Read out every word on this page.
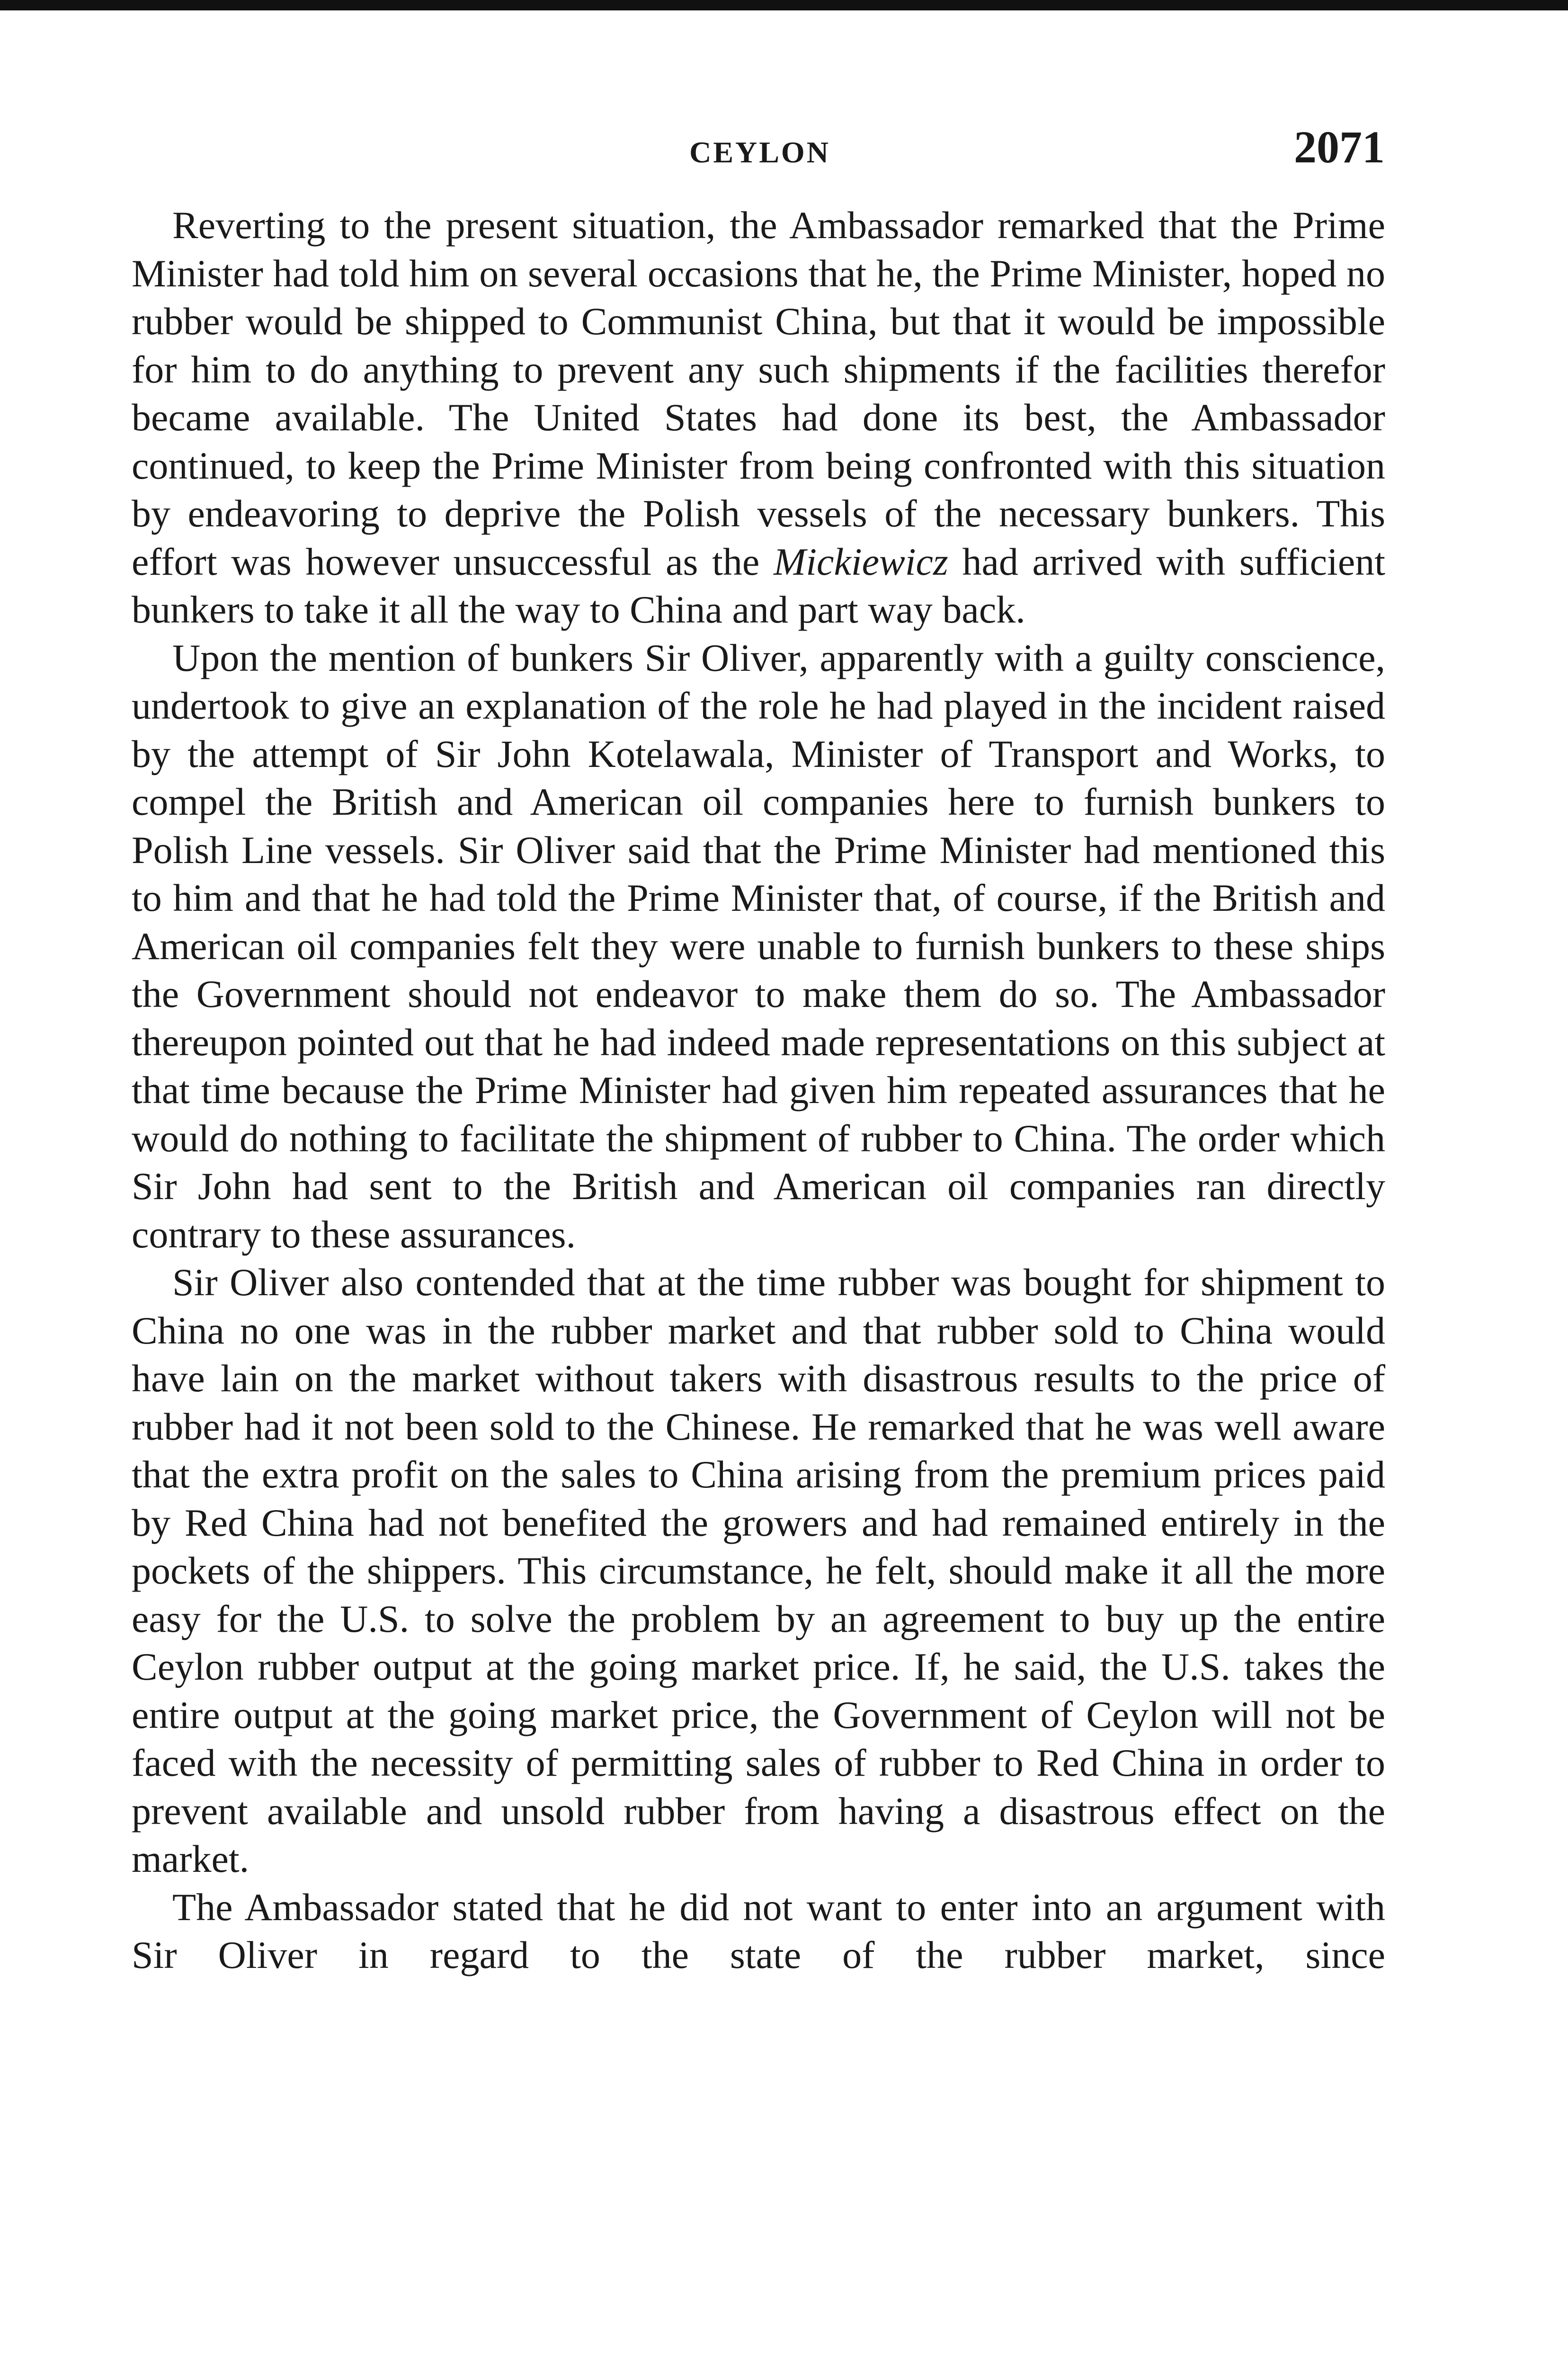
CEYLON	2071

Reverting to the present situation, the Ambassador remarked that the Prime Minister had told him on several occasions that he, the Prime Minister, hoped no rubber would be shipped to Communist China, but that it would be impossible for him to do anything to prevent any such shipments if the facilities therefor became available. The United States had done its best, the Ambassador continued, to keep the Prime Minister from being confronted with this situation by endeavoring to deprive the Polish vessels of the necessary bunkers. This effort was however unsuccessful as the Mickiewicz had arrived with sufficient bunkers to take it all the way to China and part way back.

Upon the mention of bunkers Sir Oliver, apparently with a guilty conscience, undertook to give an explanation of the role he had played in the incident raised by the attempt of Sir John Kotelawala, Minister of Transport and Works, to compel the British and American oil companies here to furnish bunkers to Polish Line vessels. Sir Oliver said that the Prime Minister had mentioned this to him and that he had told the Prime Minister that, of course, if the British and American oil companies felt they were unable to furnish bunkers to these ships the Government should not endeavor to make them do so. The Ambassador thereupon pointed out that he had indeed made representations on this subject at that time because the Prime Minister had given him repeated assurances that he would do nothing to facilitate the shipment of rubber to China. The order which Sir John had sent to the British and American oil companies ran directly contrary to these assurances.

Sir Oliver also contended that at the time rubber was bought for shipment to China no one was in the rubber market and that rubber sold to China would have lain on the market without takers with disastrous results to the price of rubber had it not been sold to the Chinese. He remarked that he was well aware that the extra profit on the sales to China arising from the premium prices paid by Red China had not benefited the growers and had remained entirely in the pockets of the shippers. This circumstance, he felt, should make it all the more easy for the U.S. to solve the problem by an agreement to buy up the entire Ceylon rubber output at the going market price. If, he said, the U.S. takes the entire output at the going market price, the Government of Ceylon will not be faced with the necessity of permitting sales of rubber to Red China in order to prevent available and unsold rubber from having a disastrous effect on the market.

The Ambassador stated that he did not want to enter into an argument with Sir Oliver in regard to the state of the rubber market, since
